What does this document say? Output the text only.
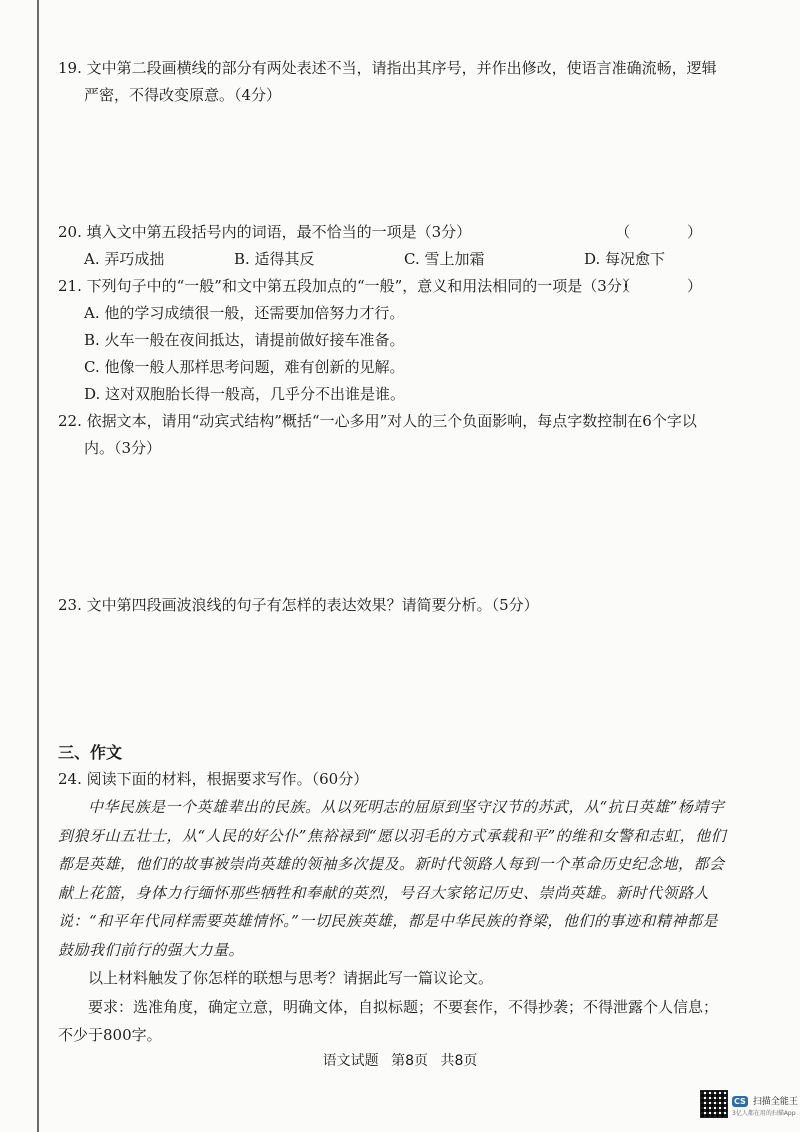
19. 文中第二段画横线的部分有两处表述不当，请指出其序号，并作出修改，使语言准确流畅，逻辑
严密，不得改变原意。（4分）
20. 填入文中第五段括号内的词语，最不恰当的一项是（3分）	（ ）
A. 弄巧成拙	B. 适得其反	C. 雪上加霜	D. 每况愈下
21. 下列句子中的“一般”和文中第五段加点的“一般”，意义和用法相同的一项是（3分）
（ ）
A. 他的学习成绩很一般，还需要加倍努力才行。
B. 火车一般在夜间抵达，请提前做好接车准备。
C. 他像一般人那样思考问题，难有创新的见解。
D. 这对双胞胎长得一般高，几乎分不出谁是谁。
22. 依据文本，请用“动宾式结构”概括“一心多用”对人的三个负面影响，每点字数控制在6个字以
内。（3分）
23. 文中第四段画波浪线的句子有怎样的表达效果？请简要分析。（5分）
三、作文
24. 阅读下面的材料，根据要求写作。（60分）

中华民族是一个英雄辈出的民族。从以死明志的屈原到坚守汉节的苏武，从“抗日英雄”杨靖宇到狼牙山五壮士，从“人民的好公仆”焦裕禄到“愿以羽毛的方式承载和平”的维和女警和志虹，他们都是英雄，他们的故事被崇尚英雄的领袖多次提及。新时代领路人每到一个革命历史纪念地，都会献上花篮，身体力行缅怀那些牺牲和奉献的英烈，号召大家铭记历史、崇尚英雄。新时代领路人说：“和平年代同样需要英雄情怀。”一切民族英雄，都是中华民族的脊梁，他们的事迹和精神都是鼓励我们前行的强大力量。

以上材料触发了你怎样的联想与思考？请据此写一篇议论文。

要求：选准角度，确定立意，明确文体，自拟标题；不要套作，不得抄袭；不得泄露个人信息；不少于800字。

语文试题 第8页 共8页
CS 扫描全能王
3亿人都在用的扫描App
